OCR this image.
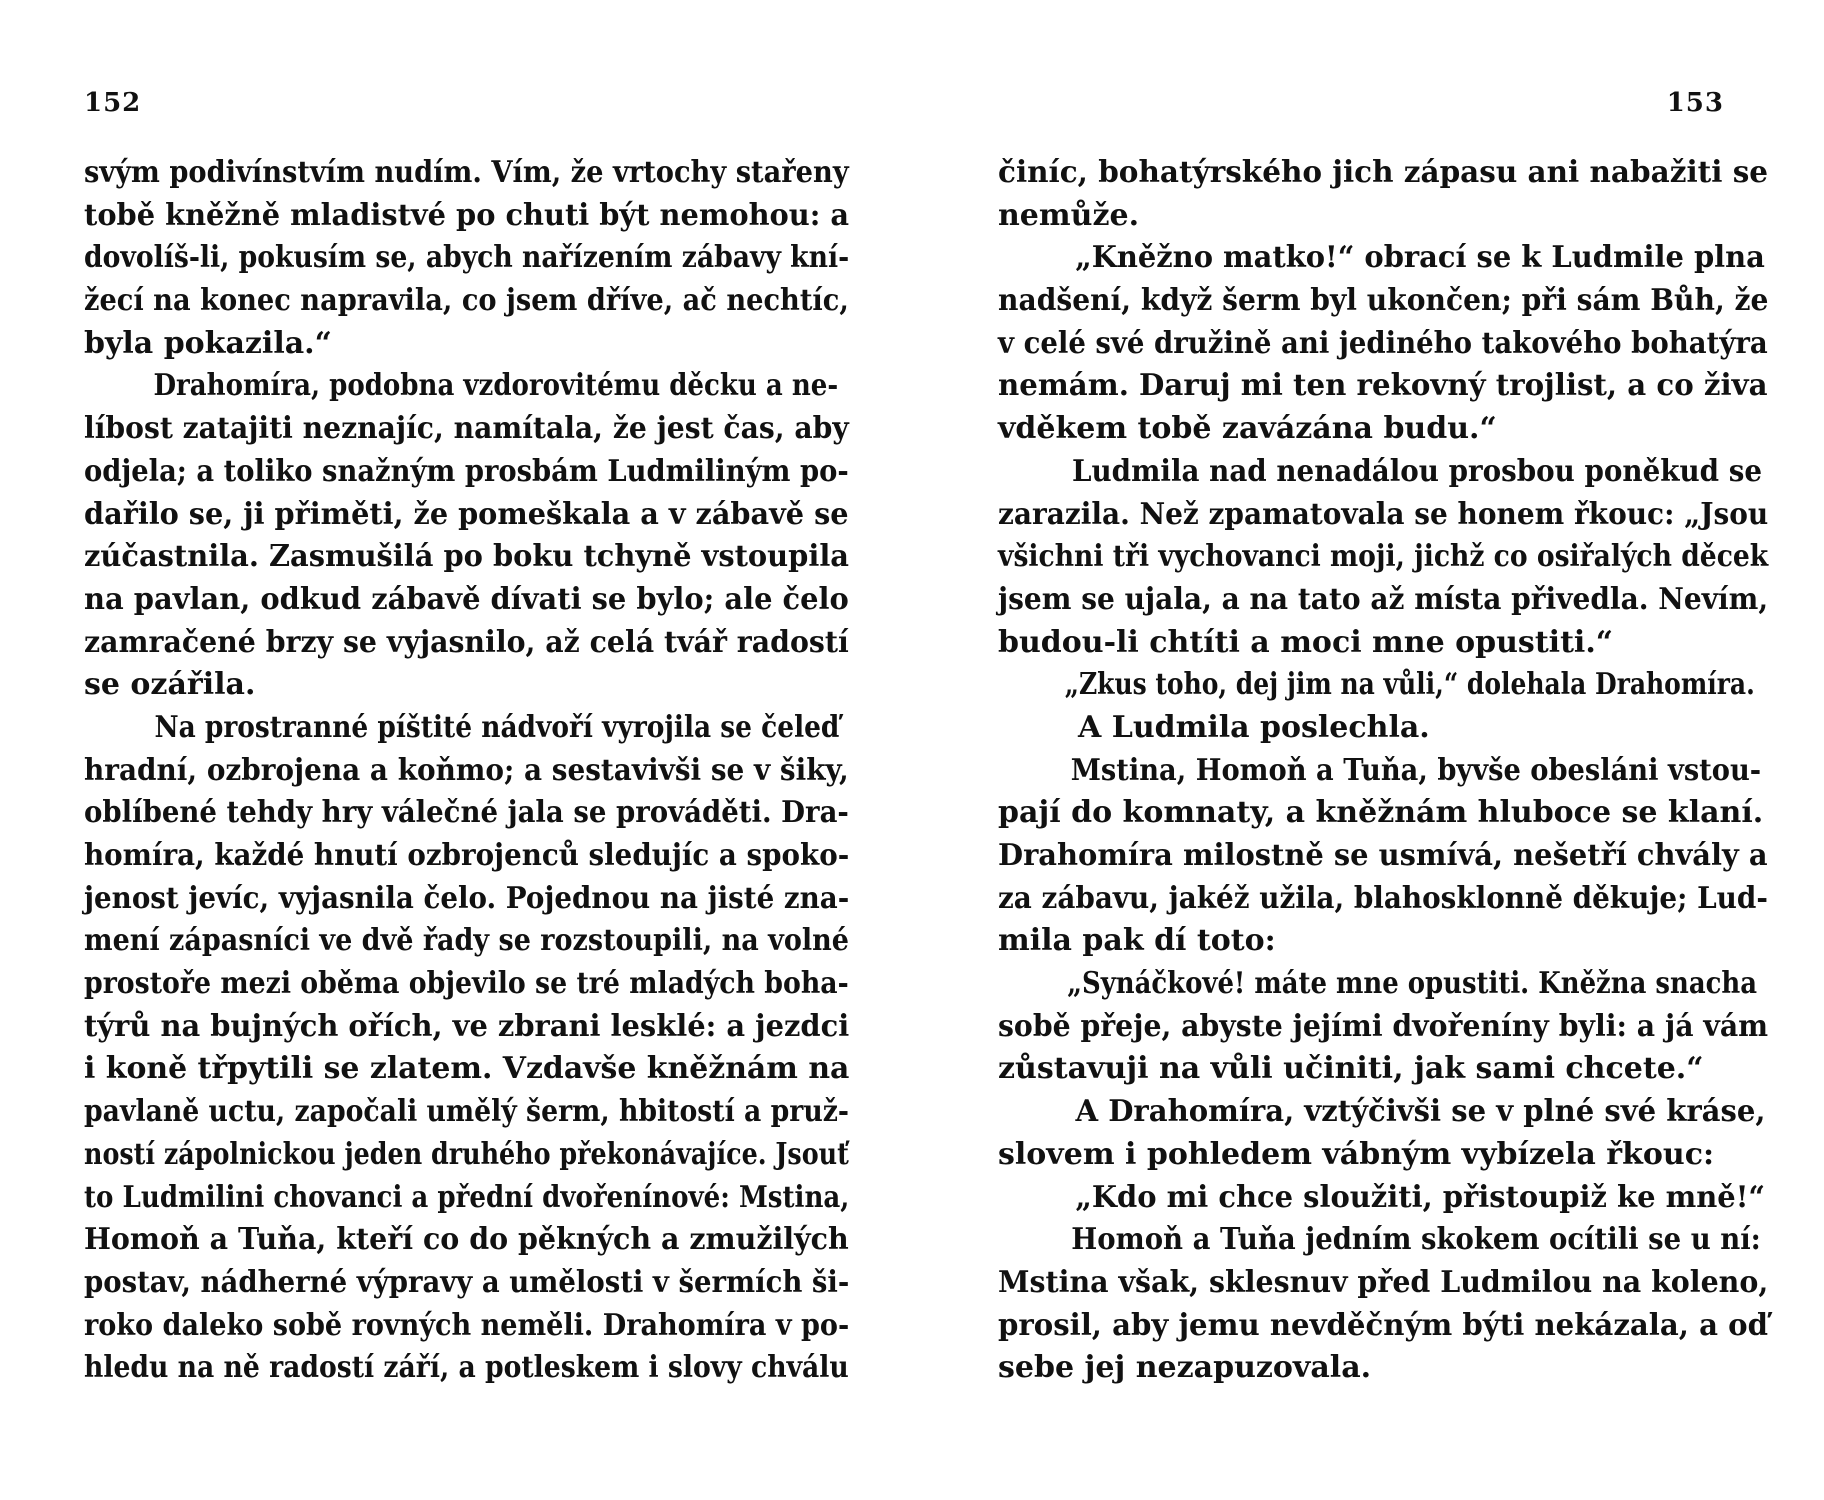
152
svým podivínstvím nudím. Vím, že vrtochy stařeny
tobě kněžně mladistvé po chuti být nemohou: a
dovolíš-li, pokusím se, abych nařízením zábavy kní-
žecí na konec napravila, co jsem dříve, ač nechtíc,
byla pokazila.“
Drahomíra, podobna vzdorovitému děcku a ne-
líbost zatajiti neznajíc, namítala, že jest čas, aby
odjela; a toliko snažným prosbám Ludmiliným po-
dařilo se, ji přiměti, že pomeškala a v zábavě se
zúčastnila. Zasmušilá po boku tchyně vstoupila
na pavlan, odkud zábavě dívati se bylo; ale čelo
zamračené brzy se vyjasnilo, až celá tvář radostí
se ozářila.
Na prostranné píštité nádvoří vyrojila se čeleď
hradní, ozbrojena a koňmo; a sestavivši se v šiky,
oblíbené tehdy hry válečné jala se prováděti. Dra-
homíra, každé hnutí ozbrojenců sledujíc a spoko-
jenost jevíc, vyjasnila čelo. Pojednou na jisté zna-
mení zápasníci ve dvě řady se rozstoupili, na volné
prostoře mezi oběma objevilo se tré mladých boha-
týrů na bujných ořích, ve zbrani lesklé: a jezdci
i koně třpytili se zlatem. Vzdavše kněžnám na
pavlaně uctu, započali umělý šerm, hbitostí a pruž-
ností zápolnickou jeden druhého překonávajíce. Jsouť
to Ludmilini chovanci a přední dvořenínové: Mstina,
Homoň a Tuňa, kteří co do pěkných a zmužilých
postav, nádherné výpravy a umělosti v šermích ši-
roko daleko sobě rovných neměli. Drahomíra v po-
hledu na ně radostí září, a potleskem i slovy chválu
153
činíc, bohatýrského jich zápasu ani nabažiti se
nemůže.
„Kněžno matko!“ obrací se k Ludmile plna
nadšení, když šerm byl ukončen; při sám Bůh, že
v celé své družině ani jediného takového bohatýra
nemám. Daruj mi ten rekovný trojlist, a co živa
vděkem tobě zavázána budu.“
Ludmila nad nenadálou prosbou poněkud se
zarazila. Než zpamatovala se honem řkouc: „Jsou
všichni tři vychovanci moji, jichž co osiřalých děcek
jsem se ujala, a na tato až místa přivedla. Nevím,
budou-li chtíti a moci mne opustiti.“
„Zkus toho, dej jim na vůli,“ dolehala Drahomíra.
A Ludmila poslechla.
Mstina, Homoň a Tuňa, byvše obesláni vstou-
pají do komnaty, a kněžnám hluboce se klaní.
Drahomíra milostně se usmívá, nešetří chvály a
za zábavu, jakéž užila, blahosklonně děkuje; Lud-
mila pak dí toto:
„Synáčkové! máte mne opustiti. Kněžna snacha
sobě přeje, abyste jejími dvořeníny byli: a já vám
zůstavuji na vůli učiniti, jak sami chcete.“
A Drahomíra, vztýčivši se v plné své kráse,
slovem i pohledem vábným vybízela řkouc:
„Kdo mi chce sloužiti, přistoupiž ke mně!“
Homoň a Tuňa jedním skokem ocítili se u ní:
Mstina však, sklesnuv před Ludmilou na koleno,
prosil, aby jemu nevděčným býti nekázala, a oď
sebe jej nezapuzovala.
